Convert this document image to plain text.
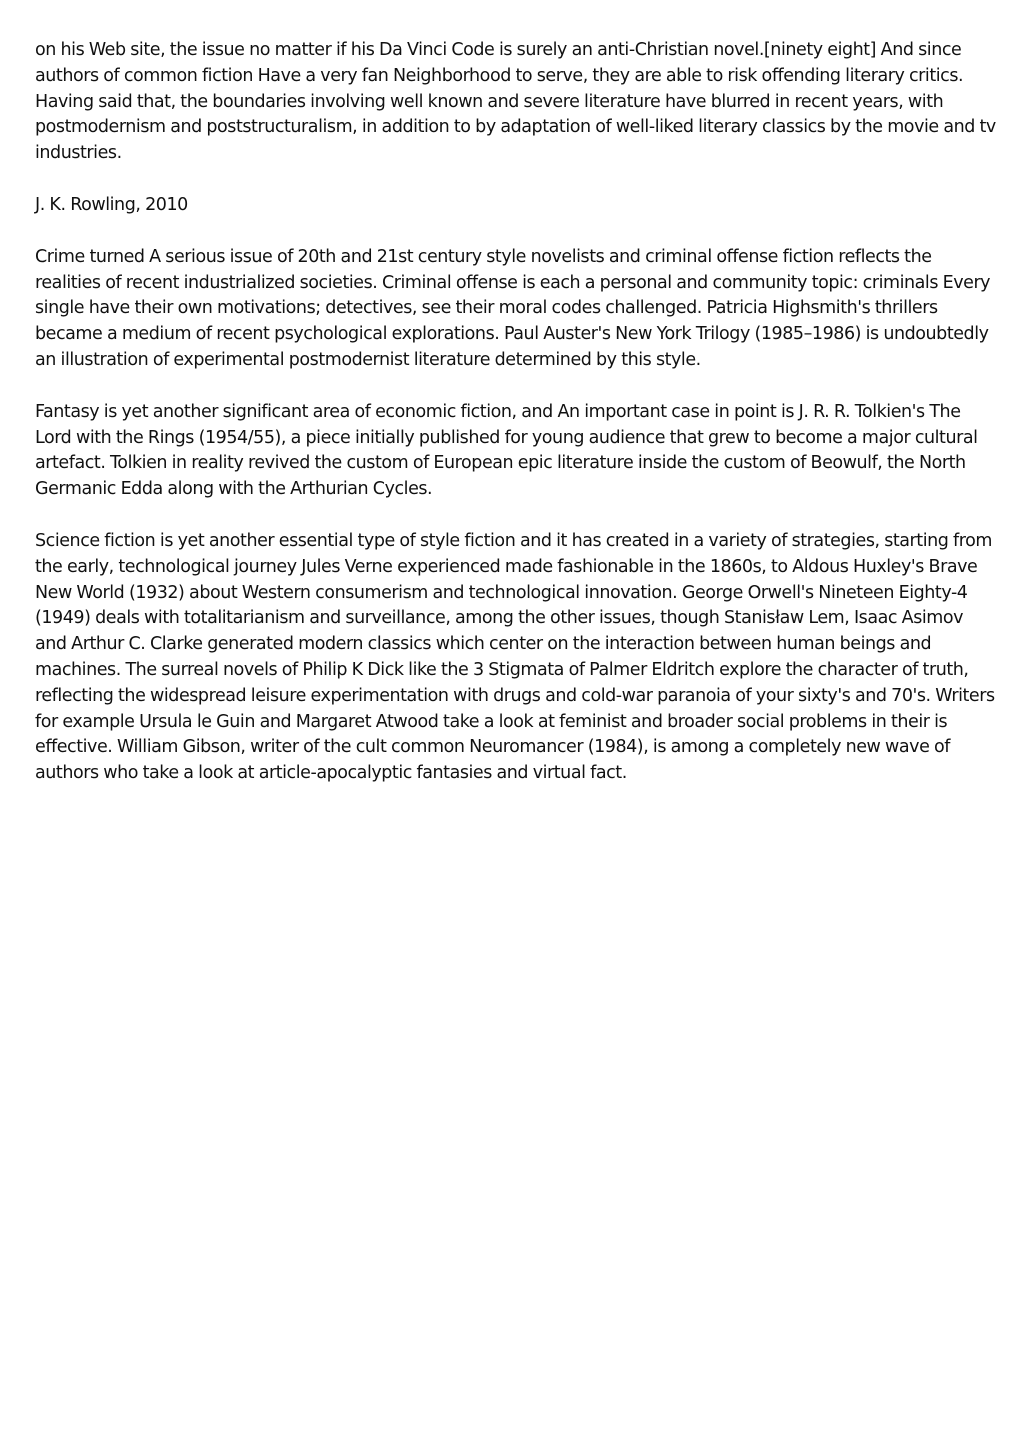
on his Web site, the issue no matter if his Da Vinci Code is surely an anti-Christian novel.[ninety eight] And since authors of common fiction Have a very fan Neighborhood to serve, they are able to risk offending literary critics. Having said that, the boundaries involving well known and severe literature have blurred in recent years, with postmodernism and poststructuralism, in addition to by adaptation of well-liked literary classics by the movie and tv industries.

J. K. Rowling, 2010

Crime turned A serious issue of 20th and 21st century style novelists and criminal offense fiction reflects the realities of recent industrialized societies. Criminal offense is each a personal and community topic: criminals Every single have their own motivations; detectives, see their moral codes challenged. Patricia Highsmith's thrillers became a medium of recent psychological explorations. Paul Auster's New York Trilogy (1985–1986) is undoubtedly an illustration of experimental postmodernist literature determined by this style.

Fantasy is yet another significant area of economic fiction, and An important case in point is J. R. R. Tolkien's The Lord with the Rings (1954/55), a piece initially published for young audience that grew to become a major cultural artefact. Tolkien in reality revived the custom of European epic literature inside the custom of Beowulf, the North Germanic Edda along with the Arthurian Cycles.

Science fiction is yet another essential type of style fiction and it has created in a variety of strategies, starting from the early, technological journey Jules Verne experienced made fashionable in the 1860s, to Aldous Huxley's Brave New World (1932) about Western consumerism and technological innovation. George Orwell's Nineteen Eighty-4 (1949) deals with totalitarianism and surveillance, among the other issues, though Stanisław Lem, Isaac Asimov and Arthur C. Clarke generated modern classics which center on the interaction between human beings and machines. The surreal novels of Philip K Dick like the 3 Stigmata of Palmer Eldritch explore the character of truth, reflecting the widespread leisure experimentation with drugs and cold-war paranoia of your sixty's and 70's. Writers for example Ursula le Guin and Margaret Atwood take a look at feminist and broader social problems in their is effective. William Gibson, writer of the cult common Neuromancer (1984), is among a completely new wave of authors who take a look at article-apocalyptic fantasies and virtual fact.
